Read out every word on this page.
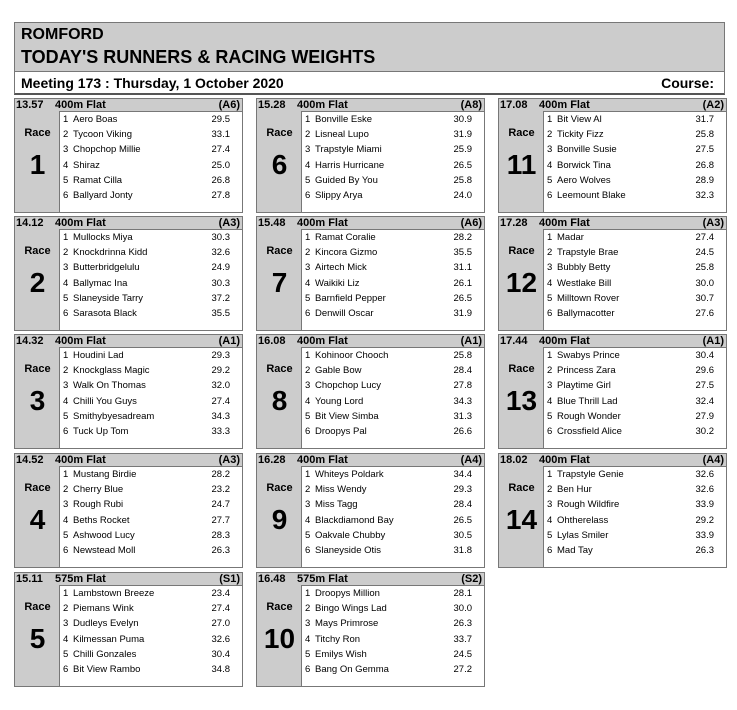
ROMFORD
TODAY'S RUNNERS & RACING WEIGHTS
Meeting 173 : Thursday, 1 October 2020	Course:
13.57 400m Flat	(A6)
Race
1
1 Aero Boas	29.5
2 Tycoon Viking	33.1
3 Chopchop Millie	27.4
4 Shiraz	25.0
5 Ramat Cilla	26.8
6 Ballyard Jonty	27.8
14.12 400m Flat	(A3)
Race
2
1 Mullocks Miya	30.3
2 Knockdrinna Kidd	32.6
3 Butterbridgelulu	24.9
4 Ballymac Ina	30.3
5 Slaneyside Tarry	37.2
6 Sarasota Black	35.5
14.32 400m Flat	(A1)
Race
3
1 Houdini Lad	29.3
2 Knockglass Magic	29.2
3 Walk On Thomas	32.0
4 Chilli You Guys	27.4
5 Smithybyesadream	34.3
6 Tuck Up Tom	33.3
14.52 400m Flat	(A3)
Race
4
1 Mustang Birdie	28.2
2 Cherry Blue	23.2
3 Rough Rubi	24.7
4 Beths Rocket	27.7
5 Ashwood Lucy	28.3
6 Newstead Moll	26.3
15.11 575m Flat	(S1)
Race
5
1 Lambstown Breeze	23.4
2 Piemans Wink	27.4
3 Dudleys Evelyn	27.0
4 Kilmessan Puma	32.6
5 Chilli Gonzales	30.4
6 Bit View Rambo	34.8
15.28 400m Flat	(A8)
Race
6
1 Bonville Eske	30.9
2 Lisneal Lupo	31.9
3 Trapstyle Miami	25.9
4 Harris Hurricane	26.5
5 Guided By You	25.8
6 Slippy Arya	24.0
15.48 400m Flat	(A6)
Race
7
1 Ramat Coralie	28.2
2 Kincora Gizmo	35.5
3 Airtech Mick	31.1
4 Waikiki Liz	26.1
5 Barnfield Pepper	26.5
6 Denwill Oscar	31.9
16.08 400m Flat	(A1)
Race
8
1 Kohinoor Chooch	25.8
2 Gable Bow	28.4
3 Chopchop Lucy	27.8
4 Young Lord	34.3
5 Bit View Simba	31.3
6 Droopys Pal	26.6
16.28 400m Flat	(A4)
Race
9
1 Whiteys Poldark	34.4
2 Miss Wendy	29.3
3 Miss Tagg	28.4
4 Blackdiamond Bay	26.5
5 Oakvale Chubby	30.5
6 Slaneyside Otis	31.8
16.48 575m Flat	(S2)
Race
10
1 Droopys Million	28.1
2 Bingo Wings Lad	30.0
3 Mays Primrose	26.3
4 Titchy Ron	33.7
5 Emilys Wish	24.5
6 Bang On Gemma	27.2
17.08 400m Flat	(A2)
Race
11
1 Bit View Al	31.7
2 Tickity Fizz	25.8
3 Bonville Susie	27.5
4 Borwick Tina	26.8
5 Aero Wolves	28.9
6 Leemount Blake	32.3
17.28 400m Flat	(A3)
Race
12
1 Madar	27.4
2 Trapstyle Brae	24.5
3 Bubbly Betty	25.8
4 Westlake Bill	30.0
5 Milltown Rover	30.7
6 Ballymacotter	27.6
17.44 400m Flat	(A1)
Race
13
1 Swabys Prince	30.4
2 Princess Zara	29.6
3 Playtime Girl	27.5
4 Blue Thrill Lad	32.4
5 Rough Wonder	27.9
6 Crossfield Alice	30.2
18.02 400m Flat	(A4)
Race
14
1 Trapstyle Genie	32.6
2 Ben Hur	32.6
3 Rough Wildfire	33.9
4 Ohtherelass	29.2
5 Lylas Smiler	33.9
6 Mad Tay	26.3
